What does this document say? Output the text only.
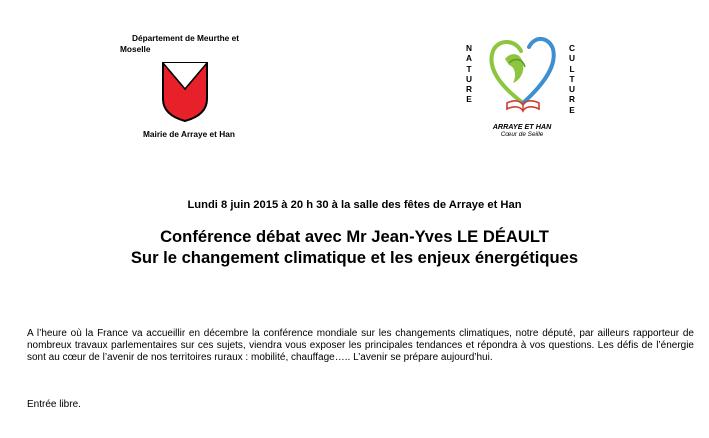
Département de Meurthe et
Moselle
Mairie de Arraye et Han
N
A
T
U
R
E
C
U
L
T
U
R
E
ARRAYE ET HAN
Cœur de Seille
Lundi 8 juin 2015 à 20 h 30 à la salle des fêtes de Arraye et Han
Conférence débat avec Mr Jean-Yves LE DÉAULT
Sur le changement climatique et les enjeux énergétiques
A l’heure où la France va accueillir en décembre la conférence mondiale sur les changements climatiques, notre député, par ailleurs rapporteur de nombreux travaux parlementaires sur ces sujets, viendra vous exposer les principales tendances et répondra à vos questions. Les défis de l’énergie sont au cœur de l’avenir de nos territoires ruraux : mobilité, chauffage….. L’avenir se prépare aujourd’hui.
Entrée libre.
